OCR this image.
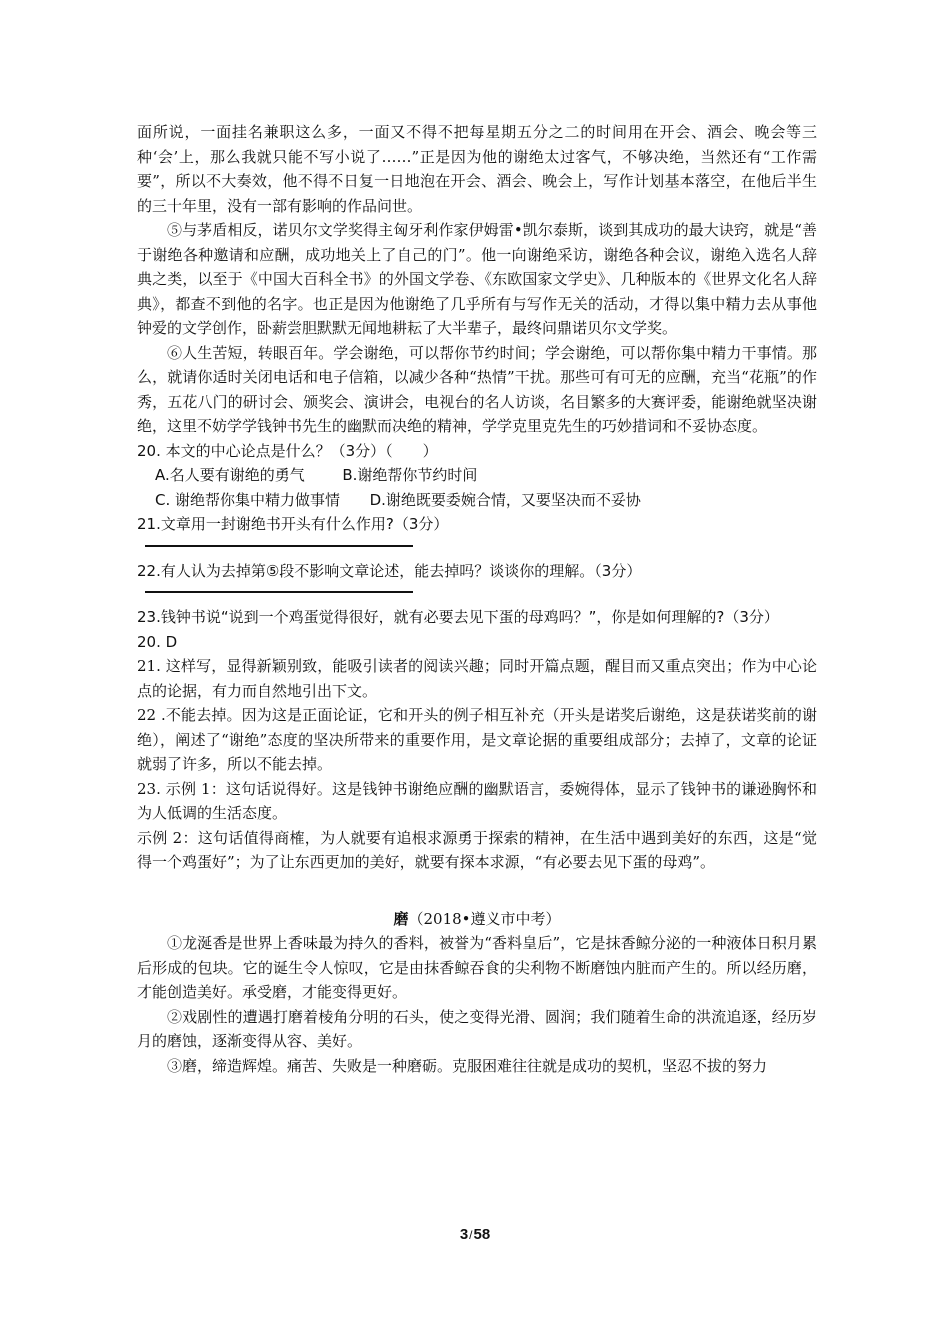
面所说，一面挂名兼职这么多，一面又不得不把每星期五分之二的时间用在开会、酒会、晚会等三种‘会’上，那么我就只能不写小说了……”正是因为他的谢绝太过客气，不够决绝，当然还有“工作需要”，所以不大奏效，他不得不日复一日地泡在开会、酒会、晚会上，写作计划基本落空，在他后半生的三十年里，没有一部有影响的作品问世。

⑤与茅盾相反，诺贝尔文学奖得主匈牙利作家伊姆雷•凯尔泰斯，谈到其成功的最大诀窍，就是“善于谢绝各种邀请和应酬，成功地关上了自己的门”。他一向谢绝采访，谢绝各种会议，谢绝入选名人辞典之类，以至于《中国大百科全书》的外国文学卷、《东欧国家文学史》、几种版本的《世界文化名人辞典》，都查不到他的名字。也正是因为他谢绝了几乎所有与写作无关的活动，才得以集中精力去从事他钟爱的文学创作，卧薪尝胆默默无闻地耕耘了大半辈子，最终问鼎诺贝尔文学奖。

⑥人生苦短，转眼百年。学会谢绝，可以帮你节约时间；学会谢绝，可以帮你集中精力干事情。那么，就请你适时关闭电话和电子信箱，以减少各种“热情”干扰。那些可有可无的应酬，充当“花瓶”的作秀，五花八门的研讨会、颁奖会、演讲会，电视台的名人访谈，名目繁多的大赛评委，能谢绝就坚决谢绝，这里不妨学学钱钟书先生的幽默而决绝的精神，学学克里克先生的巧妙措词和不妥协态度。

20. 本文的中心论点是什么？（3分）（　　）

A.名人要有谢绝的勇气	B.谢绝帮你节约时间

C. 谢绝帮你集中精力做事情 D.谢绝既要委婉合情，又要坚决而不妥协

21.文章用一封谢绝书开头有什么作用?（3分）

22.有人认为去掉第⑤段不影响文章论述，能去掉吗？谈谈你的理解。（3分）

23.钱钟书说“说到一个鸡蛋觉得很好，就有必要去见下蛋的母鸡吗？”，你是如何理解的?（3分）

20. D

21. 这样写，显得新颖别致，能吸引读者的阅读兴趣；同时开篇点题，醒目而又重点突出；作为中心论点的论据，有力而自然地引出下文。

22 .不能去掉。因为这是正面论证，它和开头的例子相互补充（开头是诺奖后谢绝，这是获诺奖前的谢绝），阐述了“谢绝”态度的坚决所带来的重要作用，是文章论据的重要组成部分；去掉了，文章的论证就弱了许多，所以不能去掉。

23. 示例 1：这句话说得好。这是钱钟书谢绝应酬的幽默语言，委婉得体，显示了钱钟书的谦逊胸怀和为人低调的生活态度。

示例 2：这句话值得商榷，为人就要有追根求源勇于探索的精神，在生活中遇到美好的东西，这是“觉得一个鸡蛋好”；为了让东西更加的美好，就要有探本求源，“有必要去见下蛋的母鸡”。

磨（2018•遵义市中考）

①龙涎香是世界上香味最为持久的香料，被誉为“香料皇后”，它是抹香鲸分泌的一种液体日积月累后形成的包块。它的诞生令人惊叹，它是由抹香鲸吞食的尖利物不断磨蚀内脏而产生的。所以经历磨，才能创造美好。承受磨，才能变得更好。

②戏剧性的遭遇打磨着棱角分明的石头，使之变得光滑、圆润；我们随着生命的洪流追逐，经历岁月的磨蚀，逐渐变得从容、美好。

③磨，缔造辉煌。痛苦、失败是一种磨砺。克服困难往往就是成功的契机，坚忍不拔的努力

3/58
